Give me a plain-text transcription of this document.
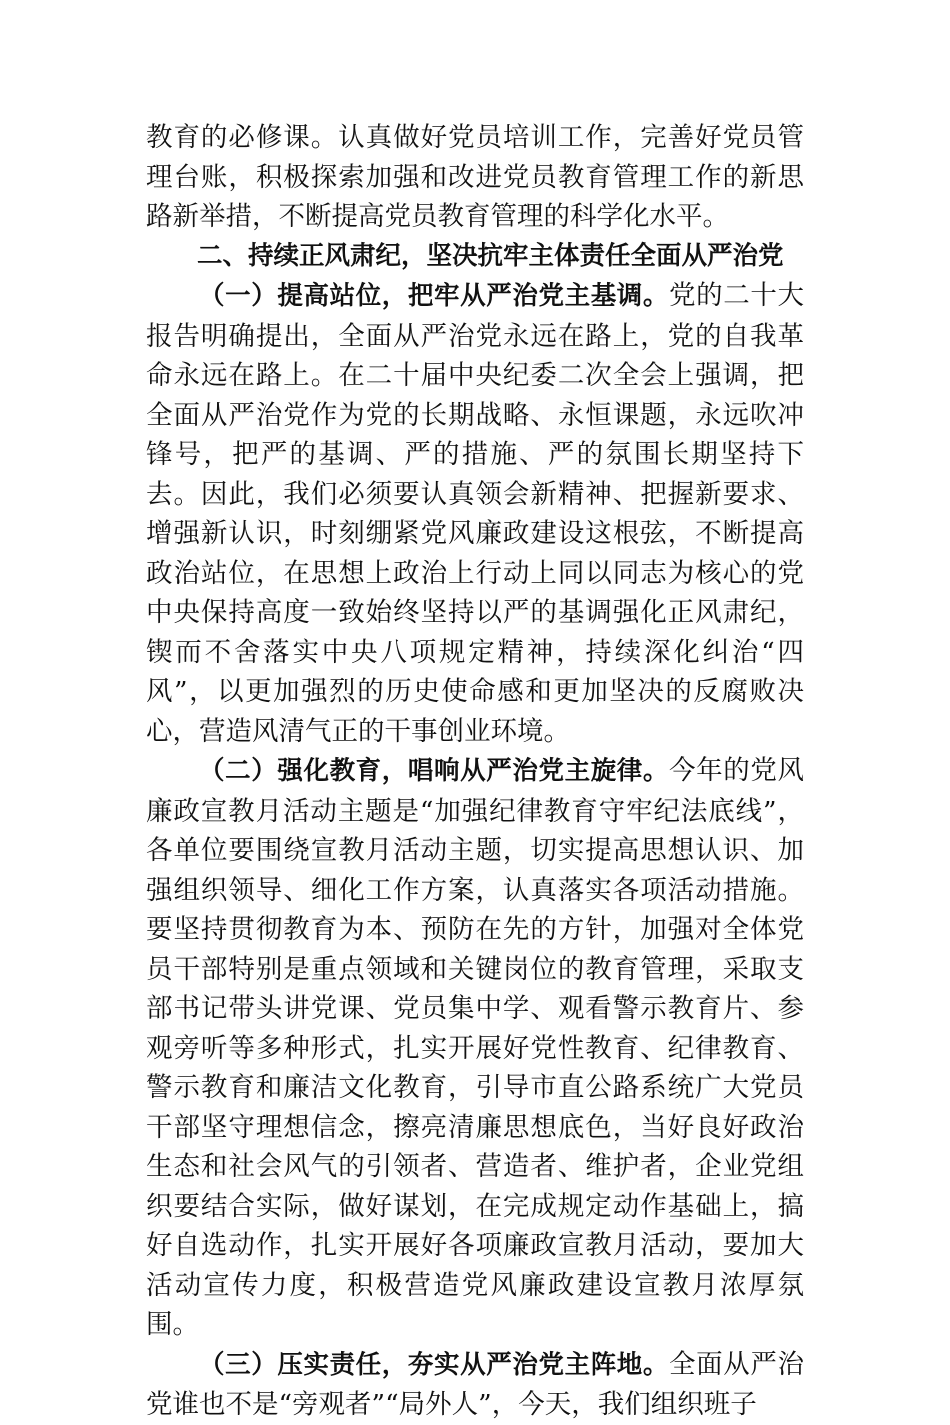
教育的必修课。认真做好党员培训工作，完善好党员管理台账，积极探索加强和改进党员教育管理工作的新思路新举措，不断提高党员教育管理的科学化水平。

二、持续正风肃纪，坚决抗牢主体责任全面从严治党

（一）提高站位，把牢从严治党主基调。党的二十大报告明确提出，全面从严治党永远在路上，党的自我革命永远在路上。在二十届中央纪委二次全会上强调，把全面从严治党作为党的长期战略、永恒课题，永远吹冲锋号，把严的基调、严的措施、严的氛围长期坚持下去。因此，我们必须要认真领会新精神、把握新要求、增强新认识，时刻绷紧党风廉政建设这根弦，不断提高政治站位，在思想上政治上行动上同以同志为核心的党中央保持高度一致始终坚持以严的基调强化正风肃纪，锲而不舍落实中央八项规定精神，持续深化纠治“四风”，以更加强烈的历史使命感和更加坚决的反腐败决心，营造风清气正的干事创业环境。

（二）强化教育，唱响从严治党主旋律。今年的党风廉政宣教月活动主题是“加强纪律教育守牢纪法底线”，各单位要围绕宣教月活动主题，切实提高思想认识、加强组织领导、细化工作方案，认真落实各项活动措施。要坚持贯彻教育为本、预防在先的方针，加强对全体党员干部特别是重点领域和关键岗位的教育管理，采取支部书记带头讲党课、党员集中学、观看警示教育片、参观旁听等多种形式，扎实开展好党性教育、纪律教育、警示教育和廉洁文化教育，引导市直公路系统广大党员干部坚守理想信念，擦亮清廉思想底色，当好良好政治生态和社会风气的引领者、营造者、维护者，企业党组织要结合实际，做好谋划，在完成规定动作基础上，搞好自选动作，扎实开展好各项廉政宣教月活动，要加大活动宣传力度，积极营造党风廉政建设宣教月浓厚氛围。

（三）压实责任，夯实从严治党主阵地。全面从严治党谁也不是“旁观者”“局外人”，今天，我们组织班子
